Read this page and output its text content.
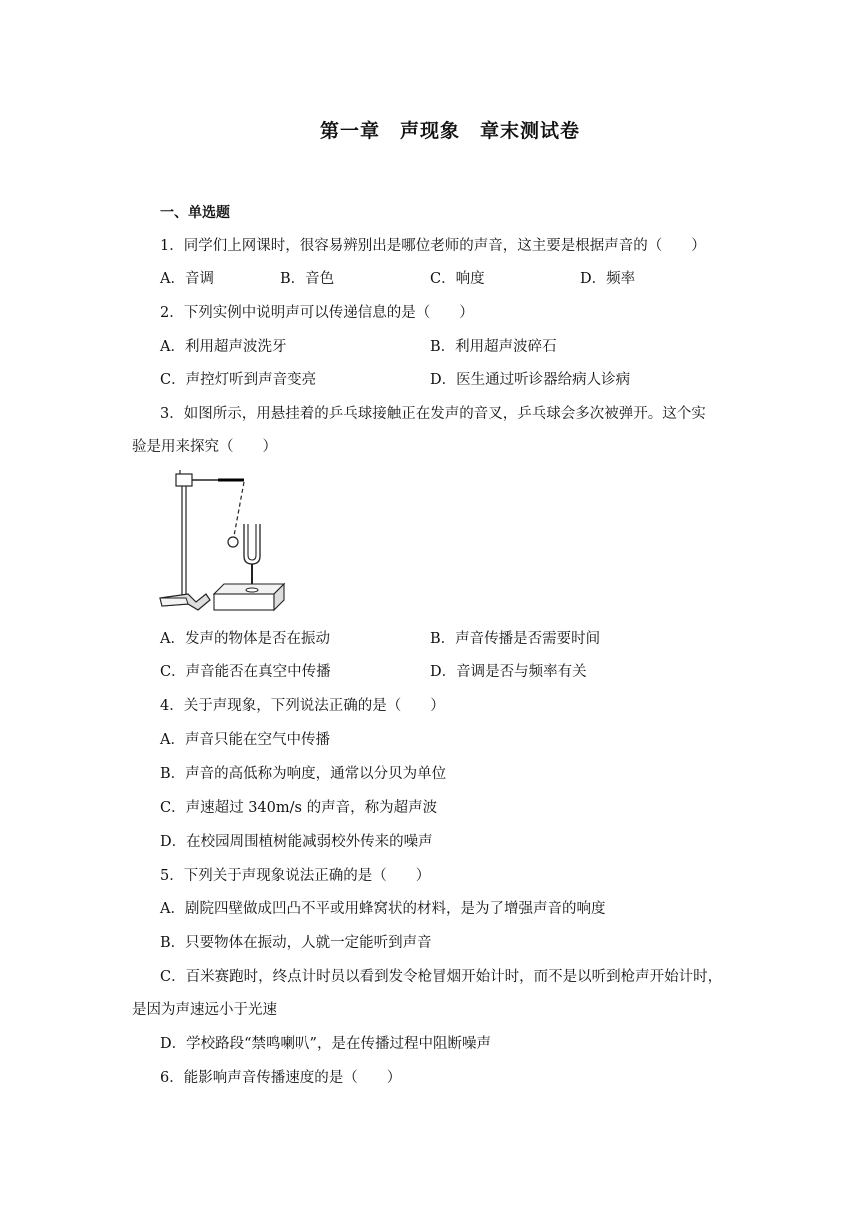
第一章　声现象　章末测试卷
一、单选题
1．同学们上网课时，很容易辨别出是哪位老师的声音，这主要是根据声音的（　　）
A．音调	B．音色	C．响度	D．频率
2．下列实例中说明声可以传递信息的是（　　）
A．利用超声波洗牙	B．利用超声波碎石
C．声控灯听到声音变亮	D．医生通过听诊器给病人诊病
3．如图所示，用悬挂着的乒乓球接触正在发声的音叉，乒乓球会多次被弹开。这个实
验是用来探究（　　）
A．发声的物体是否在振动	B．声音传播是否需要时间
C．声音能否在真空中传播	D．音调是否与频率有关
4．关于声现象，下列说法正确的是（　　）
A．声音只能在空气中传播
B．声音的高低称为响度，通常以分贝为单位
C．声速超过 340m/s 的声音，称为超声波
D．在校园周围植树能减弱校外传来的噪声
5．下列关于声现象说法正确的是（　　）
A．剧院四壁做成凹凸不平或用蜂窝状的材料，是为了增强声音的响度
B．只要物体在振动，人就一定能听到声音
C．百米赛跑时，终点计时员以看到发令枪冒烟开始计时，而不是以听到枪声开始计时，
是因为声速远小于光速
D．学校路段“禁鸣喇叭”，是在传播过程中阻断噪声
6．能影响声音传播速度的是（　　）
